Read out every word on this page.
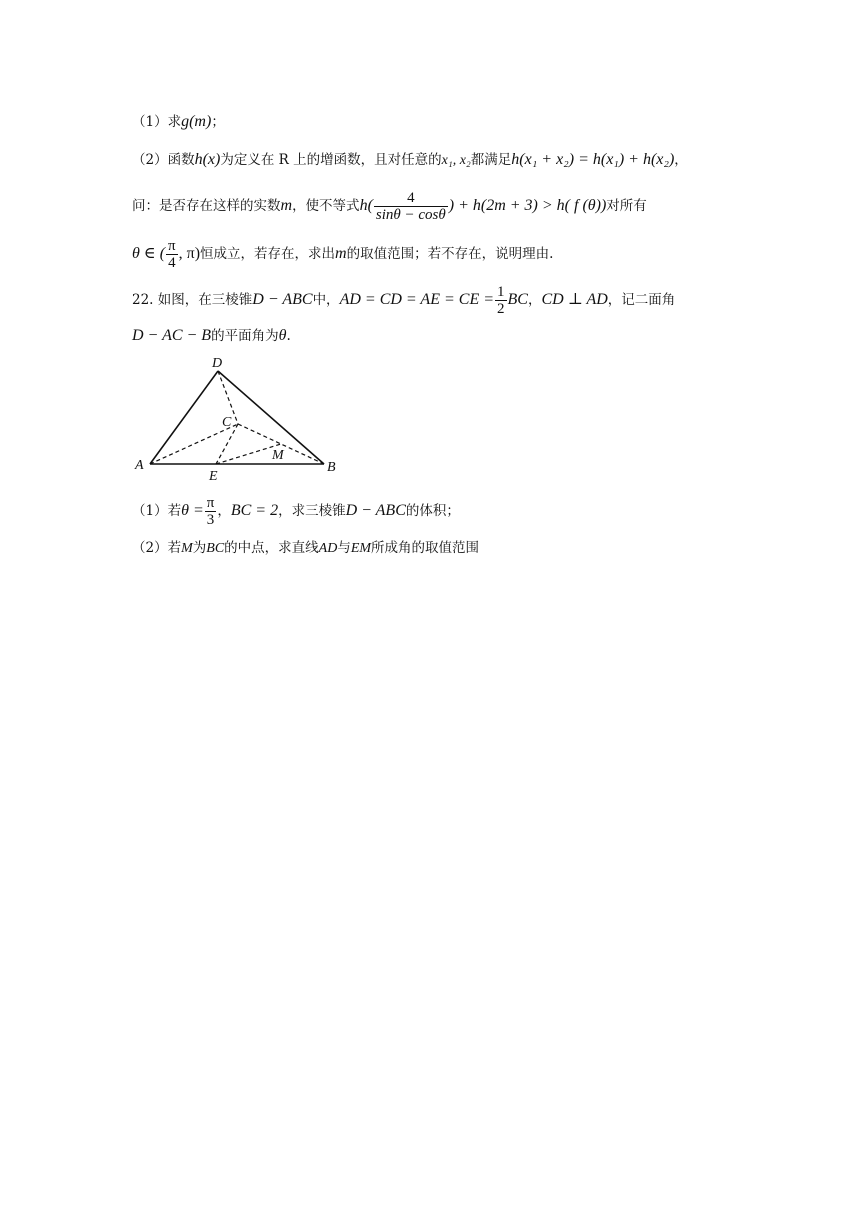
（1）求g(m)；
（2）函数h(x)为定义在 R 上的增函数，且对任意的x₁, x₂都满足h(x₁ + x₂) = h(x₁) + h(x₂)，
问：是否存在这样的实数m，使不等式$h( \frac{4}{\sin\theta - \cos\theta}$ ) + h(2m + 3) > h( f (θ))对所有
θ ∈ ( $\frac{\pi}{4}$ , π)恒成立，若存在，求出m的取值范围；若不存在，说明理由.
22. 如图，在三棱锥D − ABC中，AD = CD = AE = CE = $\frac{1}{2}$ BC，CD ⊥ AD，记二面角
D − AC − B的平面角为θ.
D
C
A	B
E
M
（1）若$\theta = \frac{\pi}{3}$ ，BC = 2，求三棱锥D − ABC的体积；
（2）若M为BC的中点，求直线AD与EM所成角的取值范围
